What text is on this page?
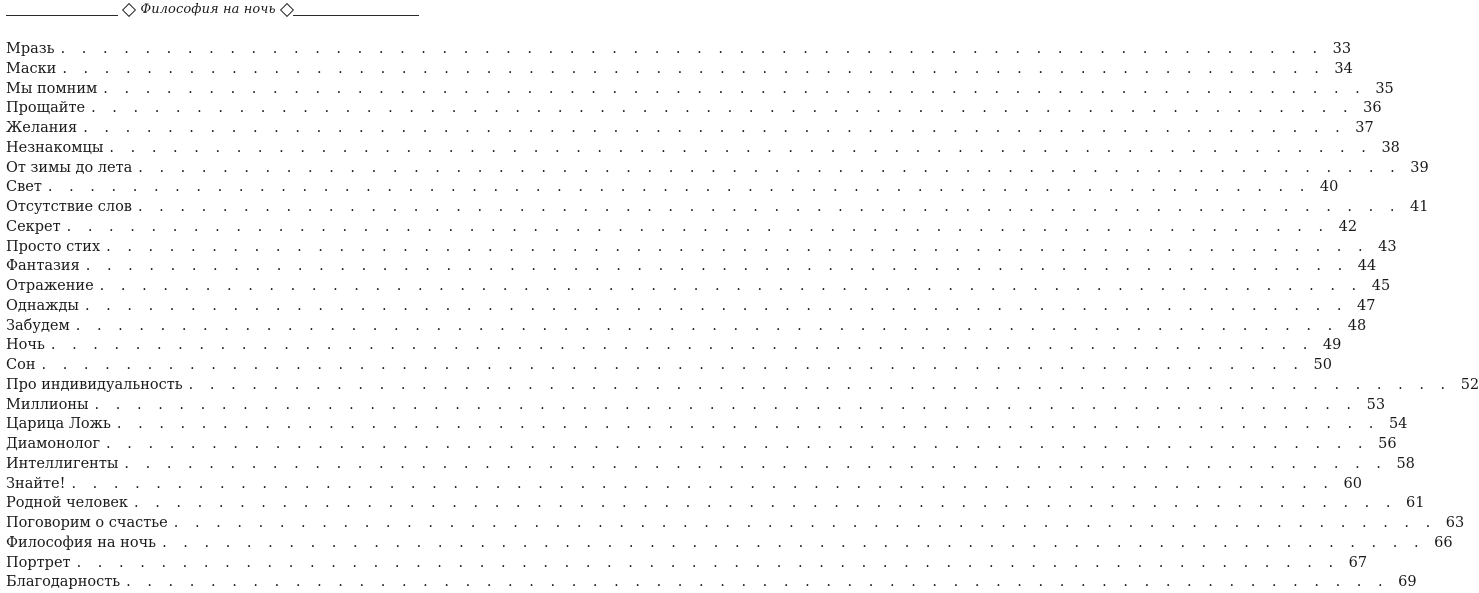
Философия на ночь
Мразь . . . . . . . . . . . . . . . . . . . . . . . . . . . . . . . . . . . . . . . . . . . . . . . . . . . . . . . . . . . . 33
Маски . . . . . . . . . . . . . . . . . . . . . . . . . . . . . . . . . . . . . . . . . . . . . . . . . . . . . . . . . . . . 34
Мы помним . . . . . . . . . . . . . . . . . . . . . . . . . . . . . . . . . . . . . . . . . . . . . . . . . . . . . . . . . . . . 35
Прощайте . . . . . . . . . . . . . . . . . . . . . . . . . . . . . . . . . . . . . . . . . . . . . . . . . . . . . . . . . . . . 36
Желания . . . . . . . . . . . . . . . . . . . . . . . . . . . . . . . . . . . . . . . . . . . . . . . . . . . . . . . . . . . . 37
Незнакомцы . . . . . . . . . . . . . . . . . . . . . . . . . . . . . . . . . . . . . . . . . . . . . . . . . . . . . . . . . . . . 38
От зимы до лета . . . . . . . . . . . . . . . . . . . . . . . . . . . . . . . . . . . . . . . . . . . . . . . . . . . . . . . . . . . . 39
Свет . . . . . . . . . . . . . . . . . . . . . . . . . . . . . . . . . . . . . . . . . . . . . . . . . . . . . . . . . . . . 40
Отсутствие слов . . . . . . . . . . . . . . . . . . . . . . . . . . . . . . . . . . . . . . . . . . . . . . . . . . . . . . . . . . . . 41
Секрет . . . . . . . . . . . . . . . . . . . . . . . . . . . . . . . . . . . . . . . . . . . . . . . . . . . . . . . . . . . . 42
Просто стих . . . . . . . . . . . . . . . . . . . . . . . . . . . . . . . . . . . . . . . . . . . . . . . . . . . . . . . . . . . . 43
Фантазия . . . . . . . . . . . . . . . . . . . . . . . . . . . . . . . . . . . . . . . . . . . . . . . . . . . . . . . . . . . . 44
Отражение . . . . . . . . . . . . . . . . . . . . . . . . . . . . . . . . . . . . . . . . . . . . . . . . . . . . . . . . . . . . 45
Однажды . . . . . . . . . . . . . . . . . . . . . . . . . . . . . . . . . . . . . . . . . . . . . . . . . . . . . . . . . . . . 47
Забудем . . . . . . . . . . . . . . . . . . . . . . . . . . . . . . . . . . . . . . . . . . . . . . . . . . . . . . . . . . . . 48
Ночь . . . . . . . . . . . . . . . . . . . . . . . . . . . . . . . . . . . . . . . . . . . . . . . . . . . . . . . . . . . . 49
Сон . . . . . . . . . . . . . . . . . . . . . . . . . . . . . . . . . . . . . . . . . . . . . . . . . . . . . . . . . . . . 50
Про индивидуальность . . . . . . . . . . . . . . . . . . . . . . . . . . . . . . . . . . . . . . . . . . . . . . . . . . . . . . . . . . . . 52
Миллионы . . . . . . . . . . . . . . . . . . . . . . . . . . . . . . . . . . . . . . . . . . . . . . . . . . . . . . . . . . . . 53
Царица Ложь . . . . . . . . . . . . . . . . . . . . . . . . . . . . . . . . . . . . . . . . . . . . . . . . . . . . . . . . . . . . 54
Диамонолог . . . . . . . . . . . . . . . . . . . . . . . . . . . . . . . . . . . . . . . . . . . . . . . . . . . . . . . . . . . . 56
Интеллигенты . . . . . . . . . . . . . . . . . . . . . . . . . . . . . . . . . . . . . . . . . . . . . . . . . . . . . . . . . . . . 58
Знайте! . . . . . . . . . . . . . . . . . . . . . . . . . . . . . . . . . . . . . . . . . . . . . . . . . . . . . . . . . . . . 60
Родной человек . . . . . . . . . . . . . . . . . . . . . . . . . . . . . . . . . . . . . . . . . . . . . . . . . . . . . . . . . . . . 61
Поговорим о счастье . . . . . . . . . . . . . . . . . . . . . . . . . . . . . . . . . . . . . . . . . . . . . . . . . . . . . . . . . . . . 63
Философия на ночь . . . . . . . . . . . . . . . . . . . . . . . . . . . . . . . . . . . . . . . . . . . . . . . . . . . . . . . . . . . . 66
Портрет . . . . . . . . . . . . . . . . . . . . . . . . . . . . . . . . . . . . . . . . . . . . . . . . . . . . . . . . . . . . 67
Благодарность . . . . . . . . . . . . . . . . . . . . . . . . . . . . . . . . . . . . . . . . . . . . . . . . . . . . . . . . . . . . 69
